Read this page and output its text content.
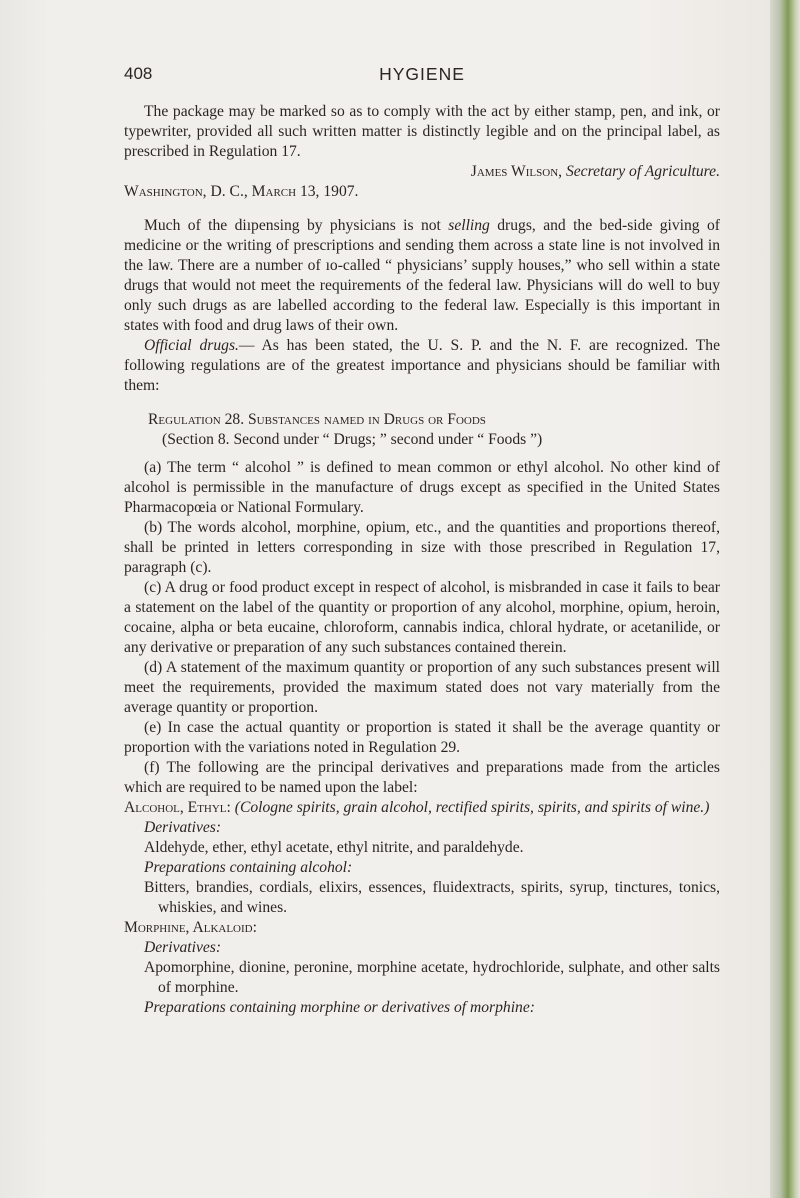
408	HYGIENE

The package may be marked so as to comply with the act by either stamp, pen, and ink, or typewriter, provided all such written matter is distinctly legible and on the principal label, as prescribed in Regulation 17.

James Wilson, Secretary of Agriculture.

Washington, D. C., March 13, 1907.

Much of the diıpensing by physicians is not selling drugs, and the bed-side giving of medicine or the writing of prescriptions and sending them across a state line is not involved in the law. There are a number of ıo-called “ physicians’ supply houses,” who sell within a state drugs that would not meet the requirements of the federal law. Physicians will do well to buy only such drugs as are labelled according to the federal law. Especially is this important in states with food and drug laws of their own.

Official drugs.— As has been stated, the U. S. P. and the N. F. are recognized. The following regulations are of the greatest importance and physicians should be familiar with them:

Regulation 28. Substances named in Drugs or Foods

(Section 8. Second under “ Drugs; ” second under “ Foods ”)

(a) The term “ alcohol ” is defined to mean common or ethyl alcohol. No other kind of alcohol is permissible in the manufacture of drugs except as specified in the United States Pharmacopœia or National Formulary.

(b) The words alcohol, morphine, opium, etc., and the quantities and proportions thereof, shall be printed in letters corresponding in size with those prescribed in Regulation 17, paragraph (c).

(c) A drug or food product except in respect of alcohol, is misbranded in case it fails to bear a statement on the label of the quantity or proportion of any alcohol, morphine, opium, heroin, cocaine, alpha or beta eucaine, chloroform, cannabis indica, chloral hydrate, or acetanilide, or any derivative or preparation of any such substances contained therein.

(d) A statement of the maximum quantity or proportion of any such substances present will meet the requirements, provided the maximum stated does not vary materially from the average quantity or proportion.

(e) In case the actual quantity or proportion is stated it shall be the average quantity or proportion with the variations noted in Regulation 29.

(f) The following are the principal derivatives and preparations made from the articles which are required to be named upon the label:

Alcohol, Ethyl: (Cologne spirits, grain alcohol, rectified spirits, spirits, and spirits of wine.)

Derivatives:

Aldehyde, ether, ethyl acetate, ethyl nitrite, and paraldehyde.

Preparations containing alcohol:

Bitters, brandies, cordials, elixirs, essences, fluidextracts, spirits, syrup, tinctures, tonics, whiskies, and wines.

Morphine, Alkaloid:

Derivatives:

Apomorphine, dionine, peronine, morphine acetate, hydrochloride, sulphate, and other salts of morphine.

Preparations containing morphine or derivatives of morphine:
